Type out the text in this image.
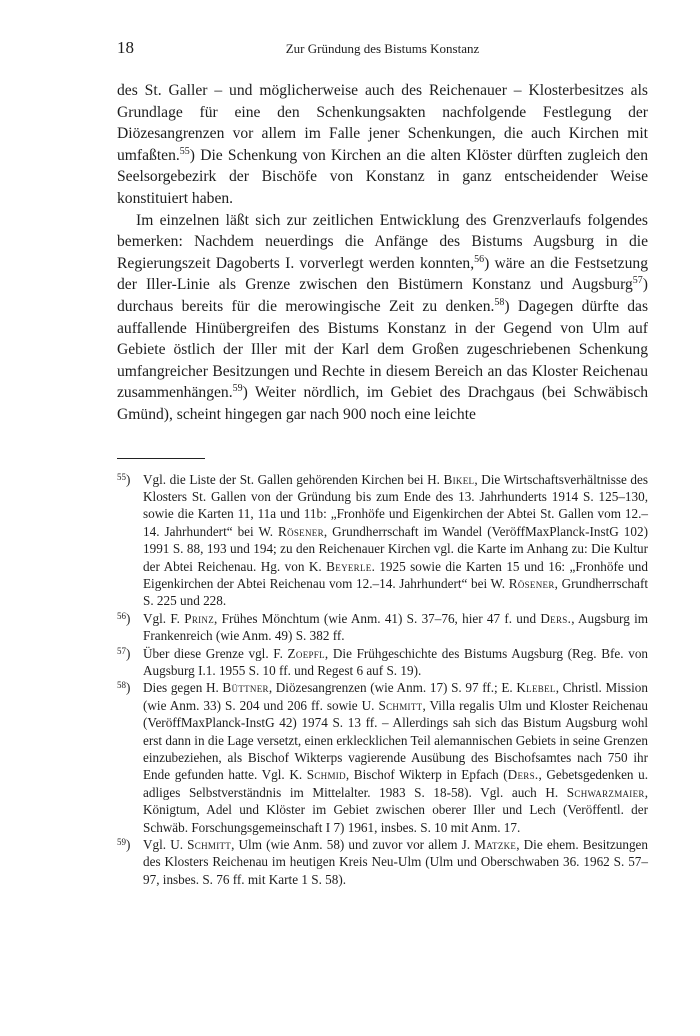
18	Zur Gründung des Bistums Konstanz

des St. Galler – und möglicherweise auch des Reichenauer – Klosterbesitzes als Grundlage für eine den Schenkungsakten nachfolgende Festlegung der Diözesangrenzen vor allem im Falle jener Schenkungen, die auch Kirchen mit umfaßten.$^{55}$) Die Schenkung von Kirchen an die alten Klöster dürften zugleich den Seelsorgebezirk der Bischöfe von Konstanz in ganz entscheidender Weise konstituiert haben.

Im einzelnen läßt sich zur zeitlichen Entwicklung des Grenzverlaufs folgendes bemerken: Nachdem neuerdings die Anfänge des Bistums Augsburg in die Regierungszeit Dagoberts I. vorverlegt werden konnten,$^{56}$) wäre an die Festsetzung der Iller-Linie als Grenze zwischen den Bistümern Konstanz und Augsburg$^{57}$) durchaus bereits für die merowingische Zeit zu denken.$^{58}$) Dagegen dürfte das auffallende Hinübergreifen des Bistums Konstanz in der Gegend von Ulm auf Gebiete östlich der Iller mit der Karl dem Großen zugeschriebenen Schenkung umfangreicher Besitzungen und Rechte in diesem Bereich an das Kloster Reichenau zusammenhängen.$^{59}$) Weiter nördlich, im Gebiet des Drachgaus (bei Schwäbisch Gmünd), scheint hingegen gar nach 900 noch eine leichte

$^{55}$) Vgl. die Liste der St. Gallen gehörenden Kirchen bei H. Bikel, Die Wirtschaftsverhältnisse des Klosters St. Gallen von der Gründung bis zum Ende des 13. Jahrhunderts 1914 S. 125–130, sowie die Karten 11, 11a und 11b: „Fronhöfe und Eigenkirchen der Abtei St. Gallen vom 12.–14. Jahrhundert“ bei W. Rösener, Grundherrschaft im Wandel (VeröffMaxPlanck-InstG 102) 1991 S. 88, 193 und 194; zu den Reichenauer Kirchen vgl. die Karte im Anhang zu: Die Kultur der Abtei Reichenau. Hg. von K. Beyerle. 1925 sowie die Karten 15 und 16: „Fronhöfe und Eigenkirchen der Abtei Reichenau vom 12.–14. Jahrhundert“ bei W. Rösener, Grundherrschaft S. 225 und 228.
$^{56}$) Vgl. F. Prinz, Frühes Mönchtum (wie Anm. 41) S. 37–76, hier 47 f. und Ders., Augsburg im Frankenreich (wie Anm. 49) S. 382 ff.
$^{57}$) Über diese Grenze vgl. F. Zoepfl, Die Frühgeschichte des Bistums Augsburg (Reg. Bfe. von Augsburg I.1. 1955 S. 10 ff. und Regest 6 auf S. 19).
$^{58}$) Dies gegen H. Büttner, Diözesangrenzen (wie Anm. 17) S. 97 ff.; E. Klebel, Christl. Mission (wie Anm. 33) S. 204 und 206 ff. sowie U. Schmitt, Villa regalis Ulm und Kloster Reichenau (VeröffMaxPlanck-InstG 42) 1974 S. 13 ff. – Allerdings sah sich das Bistum Augsburg wohl erst dann in die Lage versetzt, einen erklecklichen Teil alemannischen Gebiets in seine Grenzen einzubeziehen, als Bischof Wikterps vagierende Ausübung des Bischofsamtes nach 750 ihr Ende gefunden hatte. Vgl. K. Schmid, Bischof Wikterp in Epfach (Ders., Gebetsgedenken u. adliges Selbstverständnis im Mittelalter. 1983 S. 18-58). Vgl. auch H. Schwarzmaier, Königtum, Adel und Klöster im Gebiet zwischen oberer Iller und Lech (Veröffentl. der Schwäb. Forschungsgemeinschaft I 7) 1961, insbes. S. 10 mit Anm. 17.
$^{59}$) Vgl. U. Schmitt, Ulm (wie Anm. 58) und zuvor vor allem J. Matzke, Die ehem. Besitzungen des Klosters Reichenau im heutigen Kreis Neu-Ulm (Ulm und Oberschwaben 36. 1962 S. 57–97, insbes. S. 76 ff. mit Karte 1 S. 58).
